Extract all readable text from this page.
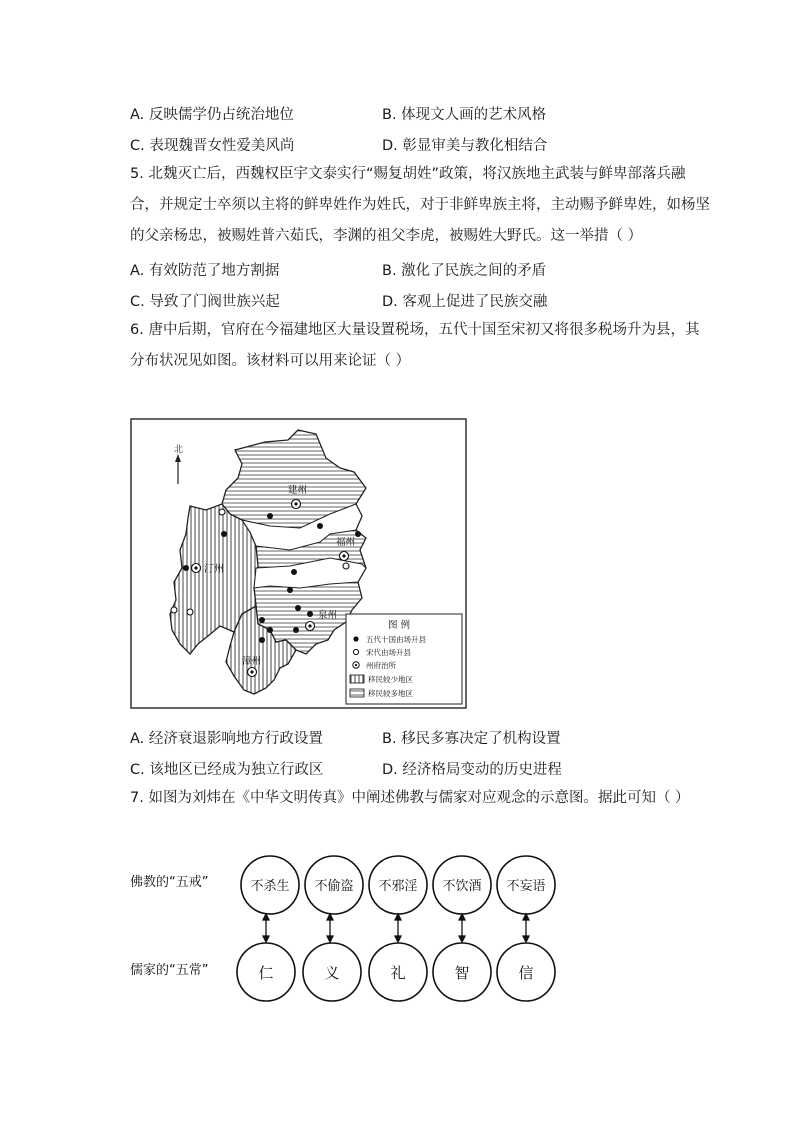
A. 反映儒学仍占统治地位	B. 体现文人画的艺术风格
C. 表现魏晋女性爱美风尚	D. 彰显审美与教化相结合
5. 北魏灭亡后，西魏权臣宇文泰实行“赐复胡姓”政策，将汉族地主武装与鲜卑部落兵融
合，并规定士卒须以主将的鲜卑姓作为姓氏，对于非鲜卑族主将，主动赐予鲜卑姓，如杨坚
的父亲杨忠，被赐姓普六茹氏，李渊的祖父李虎，被赐姓大野氏。这一举措（ ）
A. 有效防范了地方割据	B. 激化了民族之间的矛盾
C. 导致了门阀世族兴起	D. 客观上促进了民族交融
6. 唐中后期，官府在今福建地区大量设置税场，五代十国至宋初又将很多税场升为县，其
分布状况见如图。该材料可以用来论证（ ）
北
建州
福州
汀州
泉州
漳州
图 例
五代十国由场升县
宋代由场升县
州府治所
移民较少地区
移民较多地区
A. 经济衰退影响地方行政设置	B. 移民多寡决定了机构设置
C. 该地区已经成为独立行政区	D. 经济格局变动的历史进程
7. 如图为刘炜在《中华文明传真》中阐述佛教与儒家对应观念的示意图。据此可知（ ）
佛教的“五戒”
儒家的“五常”
不杀生 不偷盗 不邪淫 不饮酒 不妄语
仁	义	礼	智	信
